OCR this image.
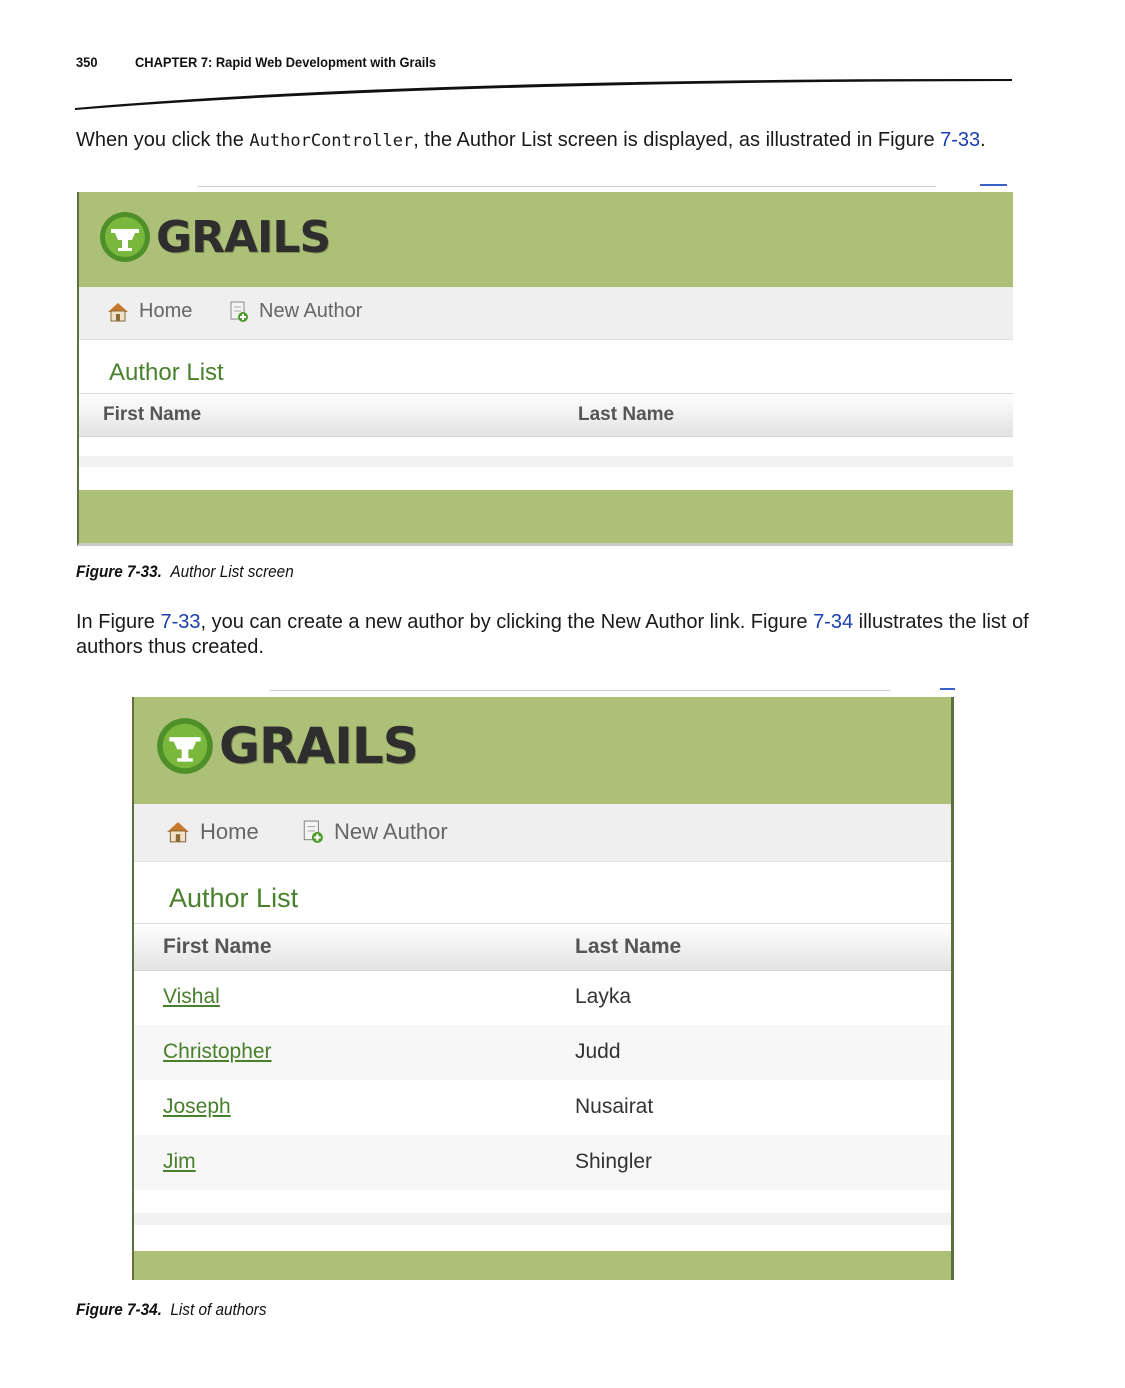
350	CHAPTER 7: Rapid Web Development with Grails

When you click the AuthorController, the Author List screen is displayed, as illustrated in Figure 7-33.

GRAILS
Home	New Author
Author List
First Name	Last Name
Figure 7-33. Author List screen

In Figure 7-33, you can create a new author by clicking the New Author link. Figure 7-34 illustrates the list of authors thus created.

GRAILS
Home	New Author
Author List
First Name	Last Name
Vishal	Layka
Christopher	Judd
Joseph	Nusairat
Jim	Shingler
Figure 7-34. List of authors
